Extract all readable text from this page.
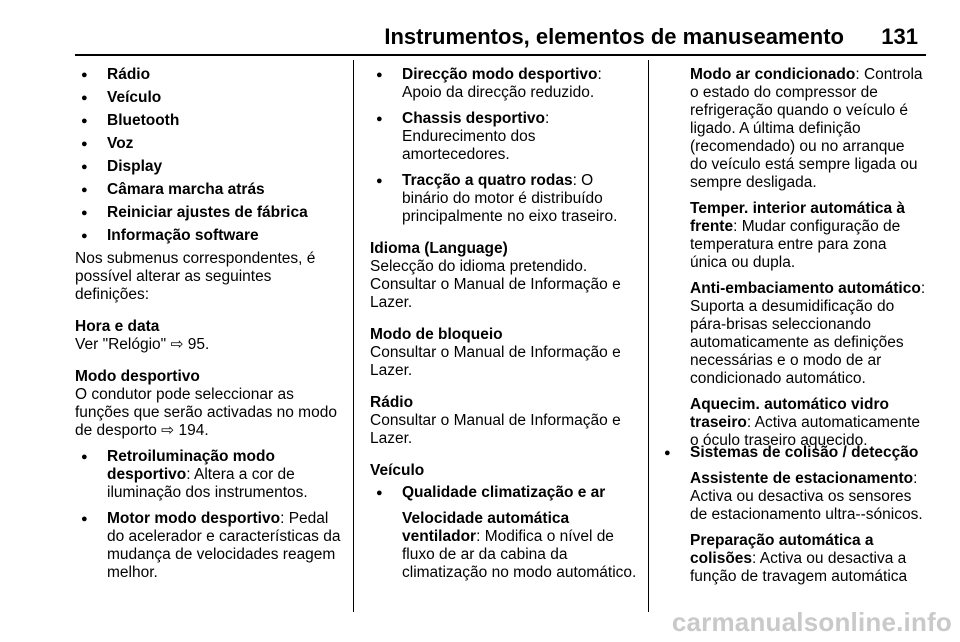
Instrumentos, elementos de manuseamento 131
● Rádio
● Veículo
● Bluetooth
● Voz
● Display
● Câmara marcha atrás
● Reiniciar ajustes de fábrica
● Informação software

Nos submenus correspondentes, é possível alterar as seguintes definições:

Hora e data

Ver "Relógio" ⇨ 95.

Modo desportivo

O condutor pode seleccionar as funções que serão activadas no modo de desporto ⇨ 194.

● Retroiluminação modo desportivo: Altera a cor de iluminação dos instrumentos.
● Motor modo desportivo: Pedal do acelerador e características da mudança de velocidades reagem melhor.
● Direcção modo desportivo: Apoio da direcção reduzido.
● Chassis desportivo: Endurecimento dos amortecedores.
● Tracção a quatro rodas: O binário do motor é distribuído principalmente no eixo traseiro.

Idioma (Language)

Selecção do idioma pretendido. Consultar o Manual de Informação e Lazer.

Modo de bloqueio

Consultar o Manual de Informação e Lazer.

Rádio

Consultar o Manual de Informação e Lazer.

Veículo

● Qualidade climatização e ar

Velocidade automática ventilador: Modifica o nível de fluxo de ar da cabina da climatização no modo automático.

Modo ar condicionado: Controla o estado do compressor de refrigeração quando o veículo é ligado. A última definição (recomendado) ou no arranque do veículo está sempre ligada ou sempre desligada.

Temper. interior automática à frente: Mudar configuração de temperatura entre para zona única ou dupla.

Anti-embaciamento automático: Suporta a desumidificação do pára-brisas seleccionando automaticamente as definições necessárias e o modo de ar condicionado automático.

Aquecim. automático vidro traseiro: Activa automaticamente o óculo traseiro aquecido.

● Sistemas de colisão / detecção

Assistente de estacionamento: Activa ou desactiva os sensores de estacionamento ultra--sónicos.

Preparação automática a colisões: Activa ou desactiva a função de travagem automática

carmanualsonline.info
